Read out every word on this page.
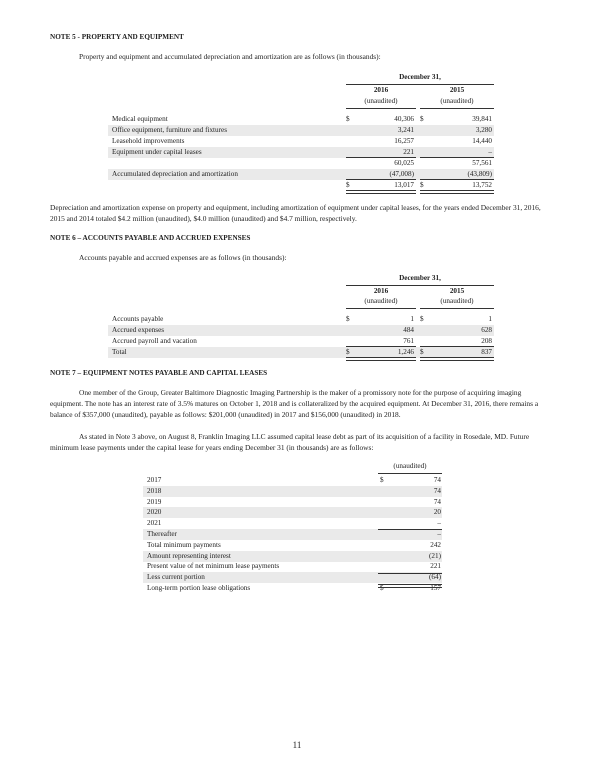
NOTE 5 - PROPERTY AND EQUIPMENT
Property and equipment and accumulated depreciation and amortization are as follows (in thousands):
December 31,
2016	2015
(unaudited)	(unaudited)
Medical equipment	$	40,306 $	39,841
Office equipment, furniture and fixtures	3,241	3,280
Leasehold improvements	16,257	14,440
Equipment under capital leases	221	–
60,025	57,561
Accumulated depreciation and amortization	(47,008)	(43,809)
$	13,017 $	13,752
Depreciation and amortization expense on property and equipment, including amortization of equipment under capital leases, for the years ended December 31, 2016, 2015 and 2014 totaled $4.2 million (unaudited), $4.0 million (unaudited) and $4.7 million, respectively.
NOTE 6 – ACCOUNTS PAYABLE AND ACCRUED EXPENSES
Accounts payable and accrued expenses are as follows (in thousands):
December 31,
2016	2015
(unaudited)	(unaudited)
Accounts payable	$	1 $	1
Accrued expenses	484	628
Accrued payroll and vacation	761	208
Total	$	1,246 $	837
NOTE 7 – EQUIPMENT NOTES PAYABLE AND CAPITAL LEASES
One member of the Group, Greater Baltimore Diagnostic Imaging Partnership is the maker of a promissory note for the purpose of acquiring imaging equipment. The note has an interest rate of 3.5% matures on October 1, 2018 and is collateralized by the acquired equipment. At December 31, 2016, there remains a balance of $357,000 (unaudited), payable as follows: $201,000 (unaudited) in 2017 and $156,000 (unaudited) in 2018.
As stated in Note 3 above, on August 8, Franklin Imaging LLC assumed capital lease debt as part of its acquisition of a facility in Rosedale, MD. Future minimum lease payments under the capital lease for years ending December 31 (in thousands) are as follows:
(unaudited)
2017	$	74
2018	74
2019	74
2020	20
2021	–
Thereafter	–
Total minimum payments	242
Amount representing interest	(21)
Present value of net minimum lease payments	221
Less current portion	(64)
Long-term portion lease obligations	$	157
11
